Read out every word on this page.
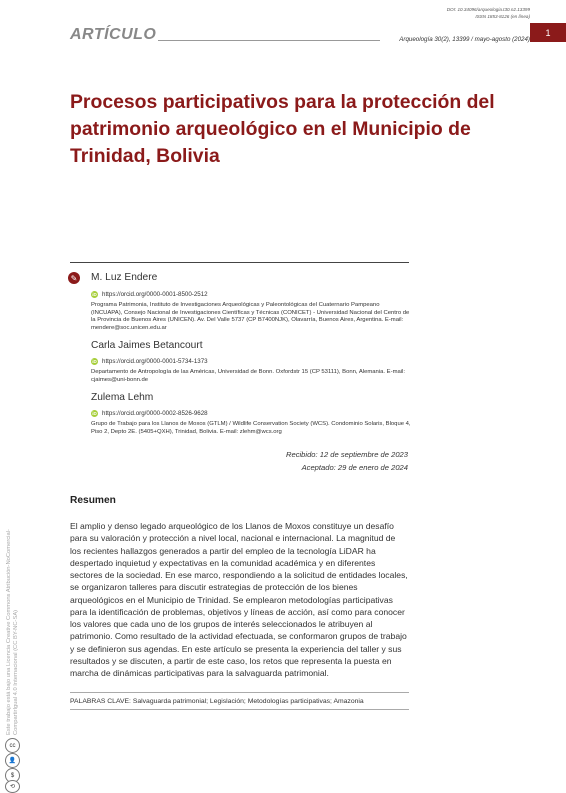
DOI: 10.34096/arqueologia.t30.n2.13399
ISSN 1853-8126 (en línea)
ARTÍCULO	Arqueología 30(2), 13399 / mayo-agosto (2024)
1
Procesos participativos para la protección del patrimonio arqueológico en el Municipio de Trinidad, Bolivia
✎ M. Luz Endere
iD https://orcid.org/0000-0001-8500-2512
Programa Patrimonia, Instituto de Investigaciones Arqueológicas y Paleontológicas del Cuaternario Pampeano (INCUAPA), Consejo Nacional de Investigaciones Científicas y Técnicas (CONICET) - Universidad Nacional del Centro de la Provincia de Buenos Aires (UNICEN). Av. Del Valle 5737 (CP B7400NJK), Olavarría, Buenos Aires, Argentina. E-mail: mendere@soc.unicen.edu.ar
Carla Jaimes Betancourt
iD https://orcid.org/0000-0001-5734-1373
Departamento de Antropología de las Américas, Universidad de Bonn. Oxfordstr 15 (CP 53111), Bonn, Alemania. E-mail: cjaimes@uni-bonn.de
Zulema Lehm
iD https://orcid.org/0000-0002-8526-9628
Grupo de Trabajo para los Llanos de Moxos (GTLM) / Wildlife Conservation Society (WCS). Condominio Solaris, Bloque 4, Piso 2, Depto 2E. (5405+QXH), Trinidad, Bolivia. E-mail: zlehm@wcs.org
Recibido: 12 de septiembre de 2023
Aceptado: 29 de enero de 2024
Resumen
El amplio y denso legado arqueológico de los Llanos de Moxos constituye un desafío para su valoración y protección a nivel local, nacional e internacional. La magnitud de los recientes hallazgos generados a partir del empleo de la tecnología LiDAR ha despertado inquietud y expectativas en la comunidad académica y en diferentes sectores de la sociedad. En ese marco, respondiendo a la solicitud de entidades locales, se organizaron talleres para discutir estrategias de protección de los bienes arqueológicos en el Municipio de Trinidad. Se emplearon metodologías participativas para la identificación de problemas, objetivos y líneas de acción, así como para conocer los valores que cada uno de los grupos de interés seleccionados le atribuyen al patrimonio. Como resultado de la actividad efectuada, se conformaron grupos de trabajo y se definieron sus agendas. En este artículo se presenta la experiencia del taller y sus resultados y se discuten, a partir de este caso, los retos que representa la puesta en marcha de dinámicas participativas para la salvaguarda patrimonial.
PALABRAS CLAVE: Salvaguarda patrimonial; Legislación; Metodologías participativas; Amazonia
Este trabajo está bajo una Licencia Creative Commons Atribución-NoComercial-CompartirIgual 4.0 Internacional (CC BY-NC-SA)
cc
👤
$
⟲
